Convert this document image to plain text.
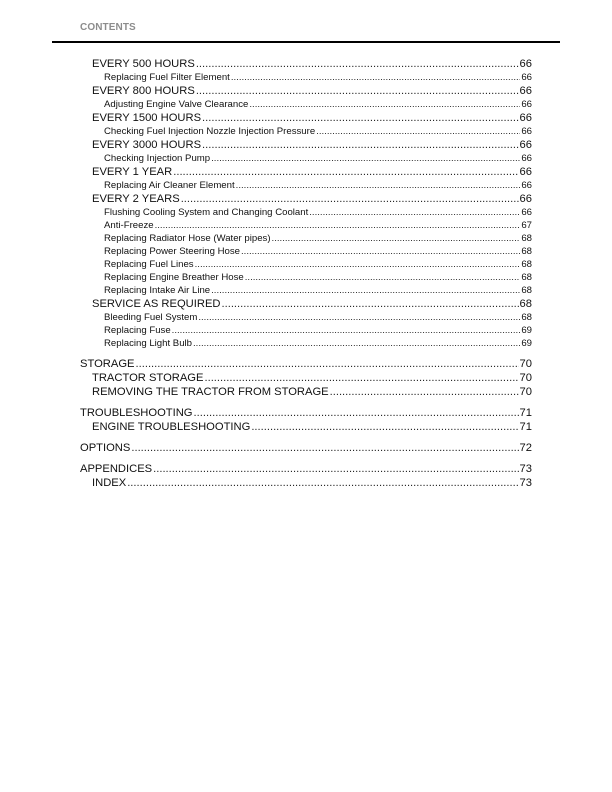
CONTENTS
EVERY 500 HOURS .....	66
Replacing Fuel Filter Element .....	66
EVERY 800 HOURS .....	66
Adjusting Engine Valve Clearance .....	66
EVERY 1500 HOURS .....	66
Checking Fuel Injection Nozzle Injection Pressure .....	66
EVERY 3000 HOURS .....	66
Checking Injection Pump .....	66
EVERY 1 YEAR .....	66
Replacing Air Cleaner Element .....	66
EVERY 2 YEARS .....	66
Flushing Cooling System and Changing Coolant .....	66
Anti-Freeze .....	67
Replacing Radiator Hose (Water pipes) .....	68
Replacing Power Steering Hose .....	68
Replacing Fuel Lines .....	68
Replacing Engine Breather Hose .....	68
Replacing Intake Air Line .....	68
SERVICE AS REQUIRED .....	68
Bleeding Fuel System .....	68
Replacing Fuse .....	69
Replacing Light Bulb .....	69
STORAGE .....	70
TRACTOR STORAGE .....	70
REMOVING THE TRACTOR FROM STORAGE .....	70
TROUBLESHOOTING .....	71
ENGINE TROUBLESHOOTING .....	71
OPTIONS .....	72
APPENDICES .....	73
INDEX .....	73
